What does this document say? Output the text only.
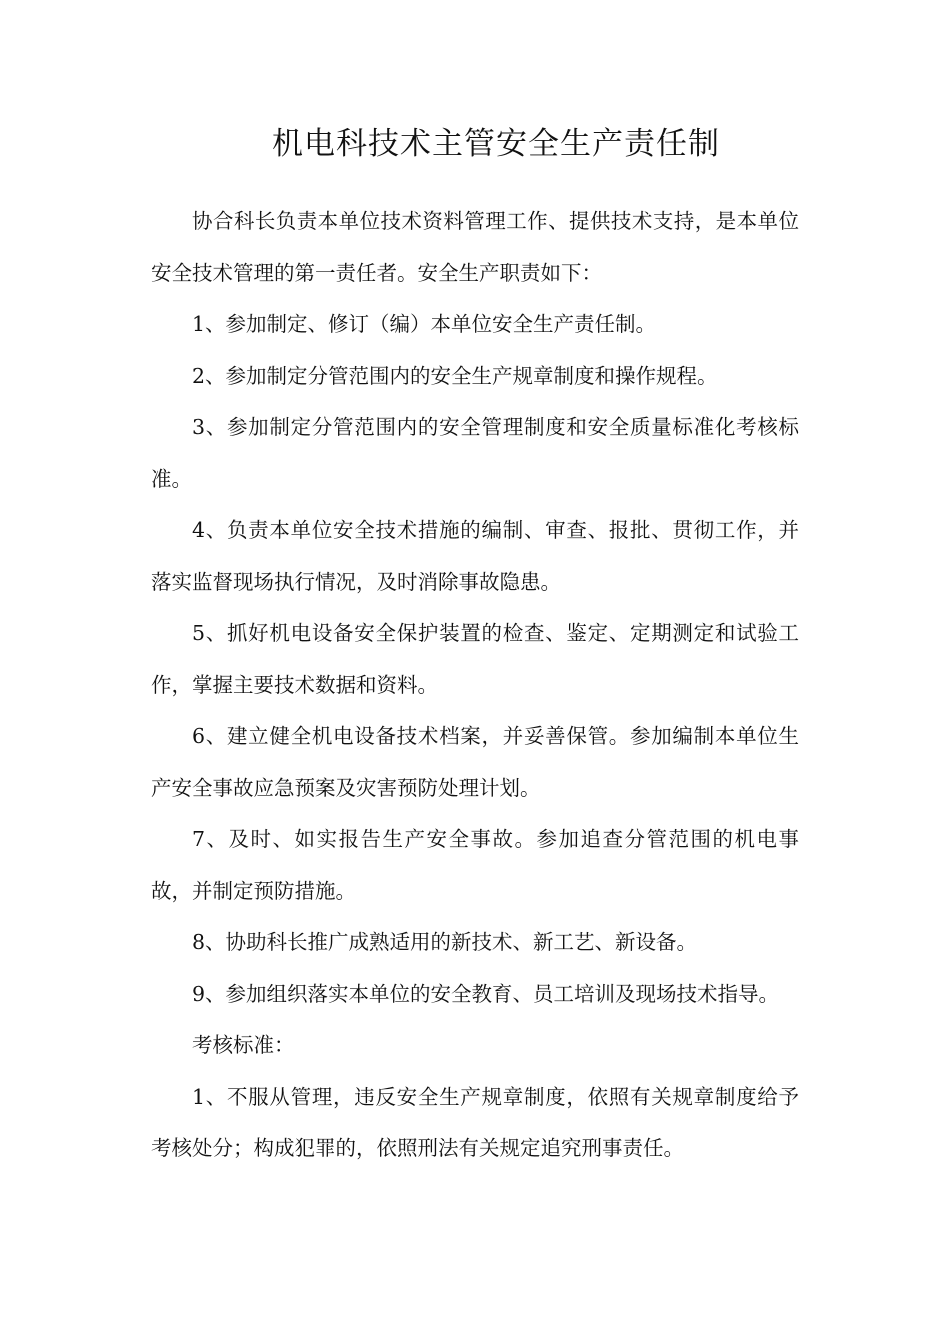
机电科技术主管安全生产责任制

协合科长负责本单位技术资料管理工作、提供技术支持，是本单位安全技术管理的第一责任者。安全生产职责如下：

1、参加制定、修订（编）本单位安全生产责任制。

2、参加制定分管范围内的安全生产规章制度和操作规程。

3、参加制定分管范围内的安全管理制度和安全质量标准化考核标准。

4、负责本单位安全技术措施的编制、审查、报批、贯彻工作，并落实监督现场执行情况，及时消除事故隐患。

5、抓好机电设备安全保护装置的检查、鉴定、定期测定和试验工作，掌握主要技术数据和资料。

6、建立健全机电设备技术档案，并妥善保管。参加编制本单位生产安全事故应急预案及灾害预防处理计划。

7、及时、如实报告生产安全事故。参加追查分管范围的机电事故，并制定预防措施。

8、协助科长推广成熟适用的新技术、新工艺、新设备。

9、参加组织落实本单位的安全教育、员工培训及现场技术指导。

考核标准：

1、不服从管理，违反安全生产规章制度，依照有关规章制度给予考核处分；构成犯罪的，依照刑法有关规定追究刑事责任。
